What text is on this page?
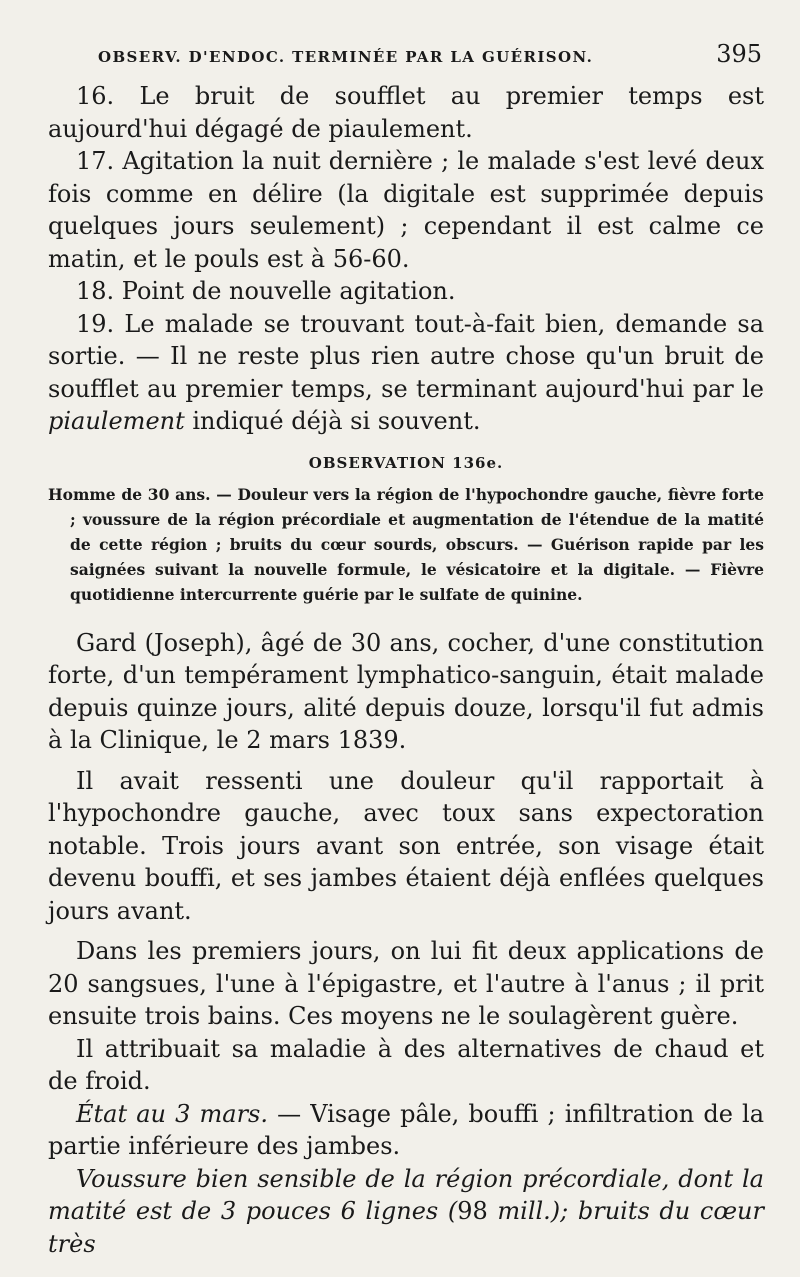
OBSERV. D'ENDOC. TERMINÉE PAR LA GUÉRISON.	395

16. Le bruit de soufflet au premier temps est aujourd'hui dégagé de piaulement.

17. Agitation la nuit dernière ; le malade s'est levé deux fois comme en délire (la digitale est supprimée depuis quelques jours seulement) ; cependant il est calme ce matin, et le pouls est à 56-60.

18. Point de nouvelle agitation.

19. Le malade se trouvant tout-à-fait bien, demande sa sortie. — Il ne reste plus rien autre chose qu'un bruit de soufflet au premier temps, se terminant aujourd'hui par le piaulement indiqué déjà si souvent.

OBSERVATION 136e.

Homme de 30 ans. — Douleur vers la région de l'hypochondre gauche, fièvre forte ; voussure de la région précordiale et augmentation de l'étendue de la matité de cette région ; bruits du cœur sourds, obscurs. — Guérison rapide par les saignées suivant la nouvelle formule, le vésicatoire et la digitale. — Fièvre quotidienne intercurrente guérie par le sulfate de quinine.

Gard (Joseph), âgé de 30 ans, cocher, d'une constitution forte, d'un tempérament lymphatico-sanguin, était malade depuis quinze jours, alité depuis douze, lorsqu'il fut admis à la Clinique, le 2 mars 1839.

Il avait ressenti une douleur qu'il rapportait à l'hypochondre gauche, avec toux sans expectoration notable. Trois jours avant son entrée, son visage était devenu bouffi, et ses jambes étaient déjà enflées quelques jours avant.

Dans les premiers jours, on lui fit deux applications de 20 sangsues, l'une à l'épigastre, et l'autre à l'anus ; il prit ensuite trois bains. Ces moyens ne le soulagèrent guère.

Il attribuait sa maladie à des alternatives de chaud et de froid.

État au 3 mars. — Visage pâle, bouffi ; infiltration de la partie inférieure des jambes.

Voussure bien sensible de la région précordiale, dont la matité est de 3 pouces 6 lignes (98 mill.); bruits du cœur très
